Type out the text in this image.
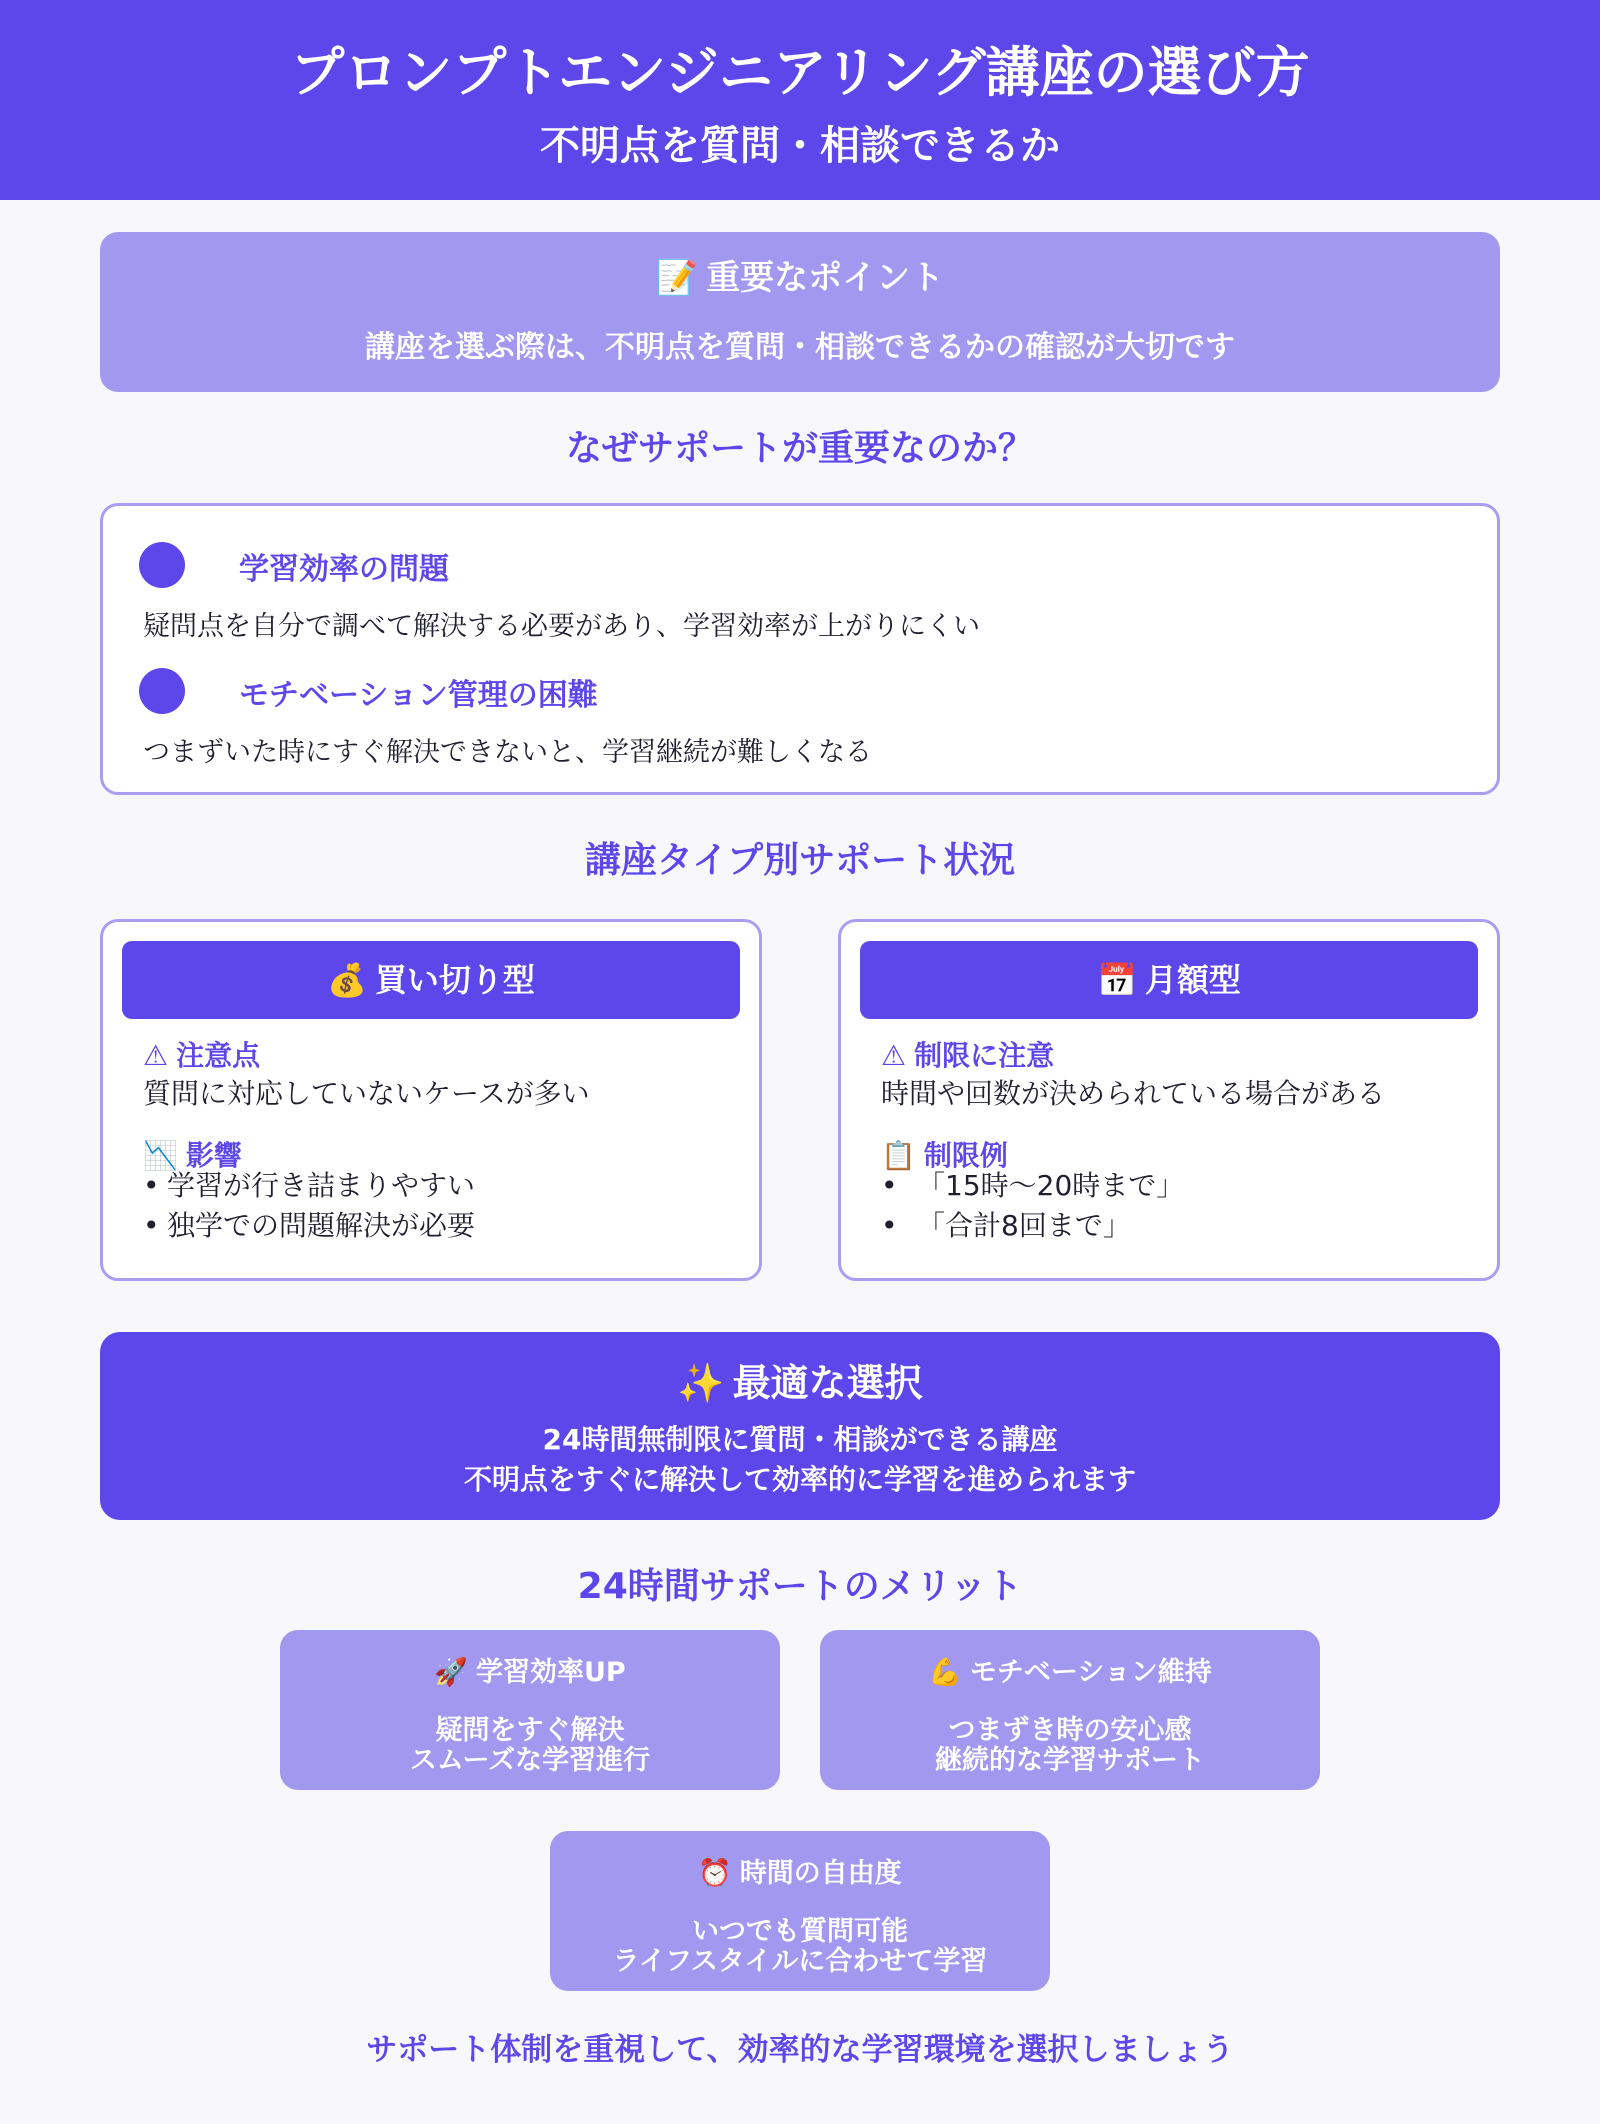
プロンプトエンジニアリング講座の選び方
不明点を質問・相談できるか
📝 重要なポイント
講座を選ぶ際は、不明点を質問・相談できるかの確認が大切です
なぜサポートが重要なのか？
学習効率の問題
疑問点を自分で調べて解決する必要があり、学習効率が上がりにくい
モチベーション管理の困難
つまずいた時にすぐ解決できないと、学習継続が難しくなる
講座タイプ別サポート状況
💰 買い切り型
⚠ 注意点
質問に対応していないケースが多い
📉 影響
• 学習が行き詰まりやすい
• 独学での問題解決が必要
📅 月額型
⚠ 制限に注意
時間や回数が決められている場合がある
📋 制限例
• 「15時〜20時まで」
• 「合計8回まで」
✨ 最適な選択
24時間無制限に質問・相談ができる講座
不明点をすぐに解決して効率的に学習を進められます
24時間サポートのメリット
🚀 学習効率UP
疑問をすぐ解決
スムーズな学習進行
💪 モチベーション維持
つまずき時の安心感
継続的な学習サポート
⏰ 時間の自由度
いつでも質問可能
ライフスタイルに合わせて学習
サポート体制を重視して、効率的な学習環境を選択しましょう
